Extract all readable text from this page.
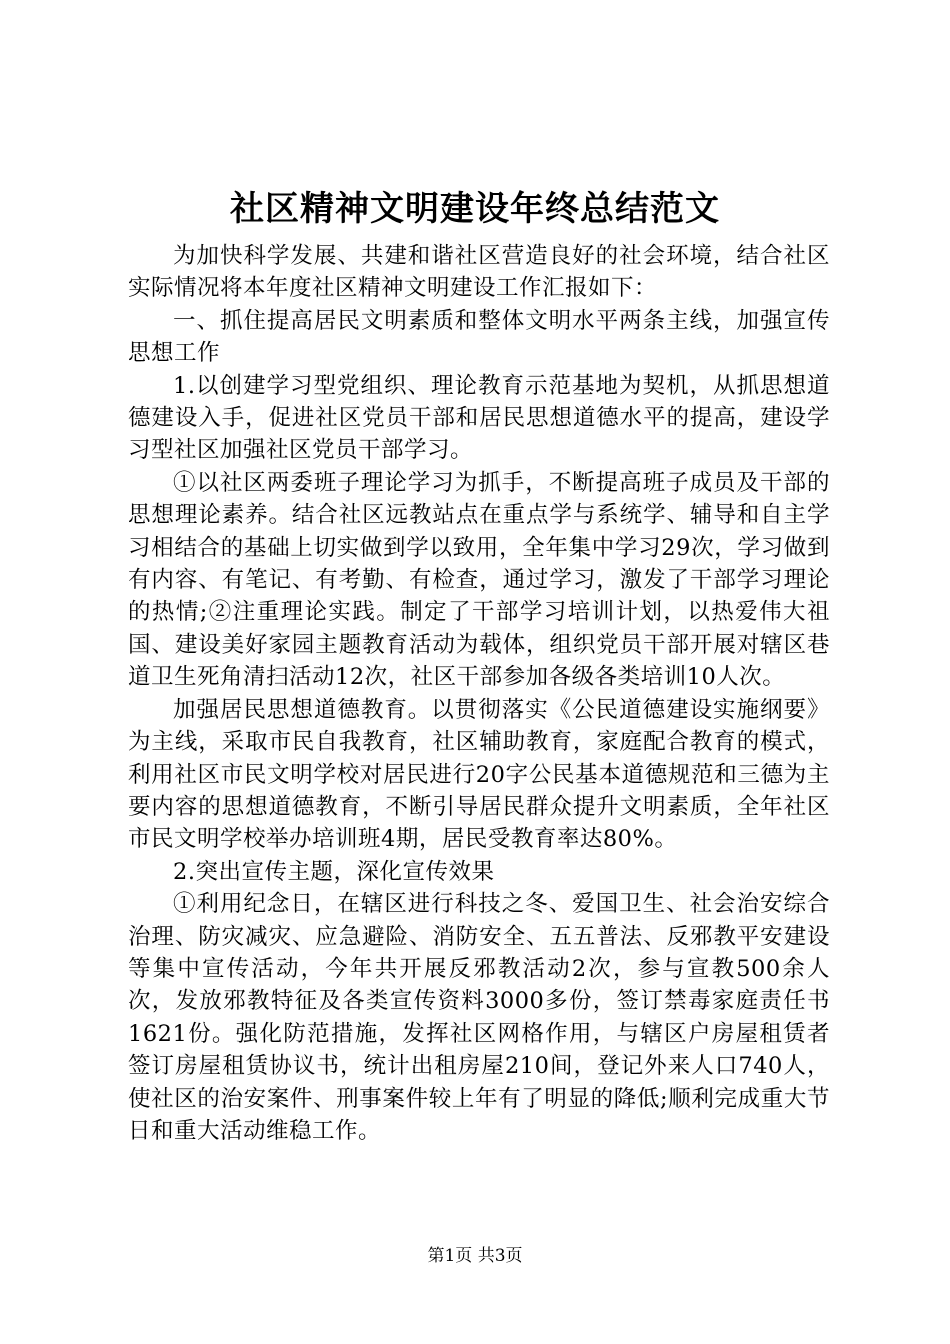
社区精神文明建设年终总结范文

为加快科学发展、共建和谐社区营造良好的社会环境，结合社区实际情况将本年度社区精神文明建设工作汇报如下：

一、抓住提高居民文明素质和整体文明水平两条主线，加强宣传思想工作

1.以创建学习型党组织、理论教育示范基地为契机，从抓思想道德建设入手，促进社区党员干部和居民思想道德水平的提高，建设学习型社区加强社区党员干部学习。

①以社区两委班子理论学习为抓手，不断提高班子成员及干部的思想理论素养。结合社区远教站点在重点学与系统学、辅导和自主学习相结合的基础上切实做到学以致用，全年集中学习29次，学习做到有内容、有笔记、有考勤、有检查，通过学习，激发了干部学习理论的热情;②注重理论实践。制定了干部学习培训计划，以热爱伟大祖国、建设美好家园主题教育活动为载体，组织党员干部开展对辖区巷道卫生死角清扫活动12次，社区干部参加各级各类培训10人次。

加强居民思想道德教育。以贯彻落实《公民道德建设实施纲要》为主线，采取市民自我教育，社区辅助教育，家庭配合教育的模式，利用社区市民文明学校对居民进行20字公民基本道德规范和三德为主要内容的思想道德教育，不断引导居民群众提升文明素质，全年社区市民文明学校举办培训班4期，居民受教育率达80%。

2.突出宣传主题，深化宣传效果

①利用纪念日，在辖区进行科技之冬、爱国卫生、社会治安综合治理、防灾减灾、应急避险、消防安全、五五普法、反邪教平安建设等集中宣传活动，今年共开展反邪教活动2次，参与宣教500余人次，发放邪教特征及各类宣传资料3000多份，签订禁毒家庭责任书1621份。强化防范措施，发挥社区网格作用，与辖区户房屋租赁者签订房屋租赁协议书，统计出租房屋210间，登记外来人口740人，使社区的治安案件、刑事案件较上年有了明显的降低;顺利完成重大节日和重大活动维稳工作。

第1页 共3页
